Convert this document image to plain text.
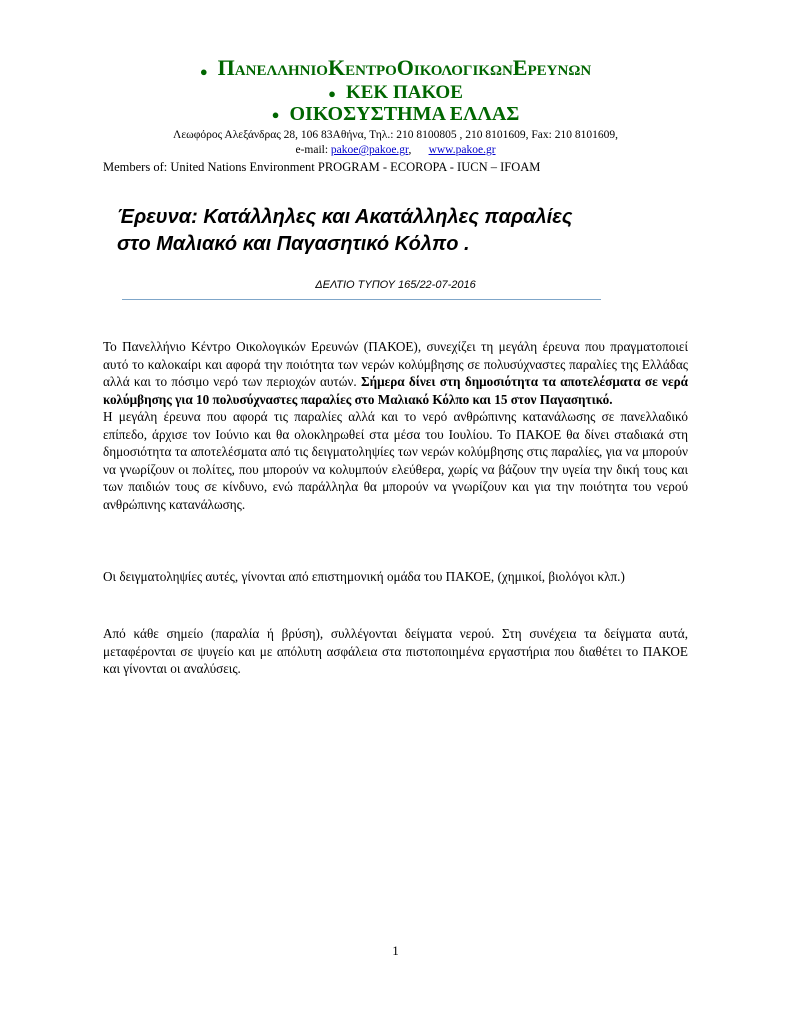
● ΠΑΝΕΛΛΗΝΙΟΚΕΝΤΡΟΟΙΚΟΛΟΓΙΚΩΝΕΡΕΥΝΩΝ
● ΚΕΚ ΠΑΚΟΕ
● ΟΙΚΟΣΥΣΤΗΜΑ ΕΛΛΑΣ
Λεωφόρος Αλεξάνδρας 28, 106 83Αθήνα, Τηλ.: 210 8100805 , 210 8101609, Fax: 210 8101609,
e-mail: pakoe@pakoe.gr, www.pakoe.gr
Members of: United Nations Environment PROGRAM - ECOROPA - IUCN – IFOAM
Έρευνα: Κατάλληλες και Ακατάλληλες παραλίες
στο Μαλιακό και Παγασητικό Κόλπο .
ΔΕΛΤΙΟ ΤΥΠΟΥ 165/22-07-2016
Το Πανελλήνιο Κέντρο Οικολογικών Ερευνών (ΠΑΚΟΕ), συνεχίζει τη μεγάλη έρευνα που πραγματοποιεί αυτό το καλοκαίρι και αφορά την ποιότητα των νερών κολύμβησης σε πολυσύχναστες παραλίες της Ελλάδας αλλά και το πόσιμο νερό των περιοχών αυτών. Σήμερα δίνει στη δημοσιότητα τα αποτελέσματα σε νερά κολύμβησης για 10 πολυσύχναστες παραλίες στο Μαλιακό Κόλπο και 15 στον Παγασητικό.
Η μεγάλη έρευνα που αφορά τις παραλίες αλλά και το νερό ανθρώπινης κατανάλωσης σε πανελλαδικό επίπεδο, άρχισε τον Ιούνιο και θα ολοκληρωθεί στα μέσα του Ιουλίου. Το ΠΑΚΟΕ θα δίνει σταδιακά στη δημοσιότητα τα αποτελέσματα από τις δειγματοληψίες των νερών κολύμβησης στις παραλίες, για να μπορούν να γνωρίζουν οι πολίτες, που μπορούν να κολυμπούν ελεύθερα, χωρίς να βάζουν την υγεία την δική τους και των παιδιών τους σε κίνδυνο, ενώ παράλληλα θα μπορούν να γνωρίζουν και για την ποιότητα του νερού ανθρώπινης κατανάλωσης.
Οι δειγματοληψίες αυτές, γίνονται από επιστημονική ομάδα του ΠΑΚΟΕ, (χημικοί, βιολόγοι κλπ.)
Από κάθε σημείο (παραλία ή βρύση), συλλέγονται δείγματα νερού. Στη συνέχεια τα δείγματα αυτά, μεταφέρονται σε ψυγείο και με απόλυτη ασφάλεια στα πιστοποιημένα εργαστήρια που διαθέτει το ΠΑΚΟΕ και γίνονται οι αναλύσεις.
1
